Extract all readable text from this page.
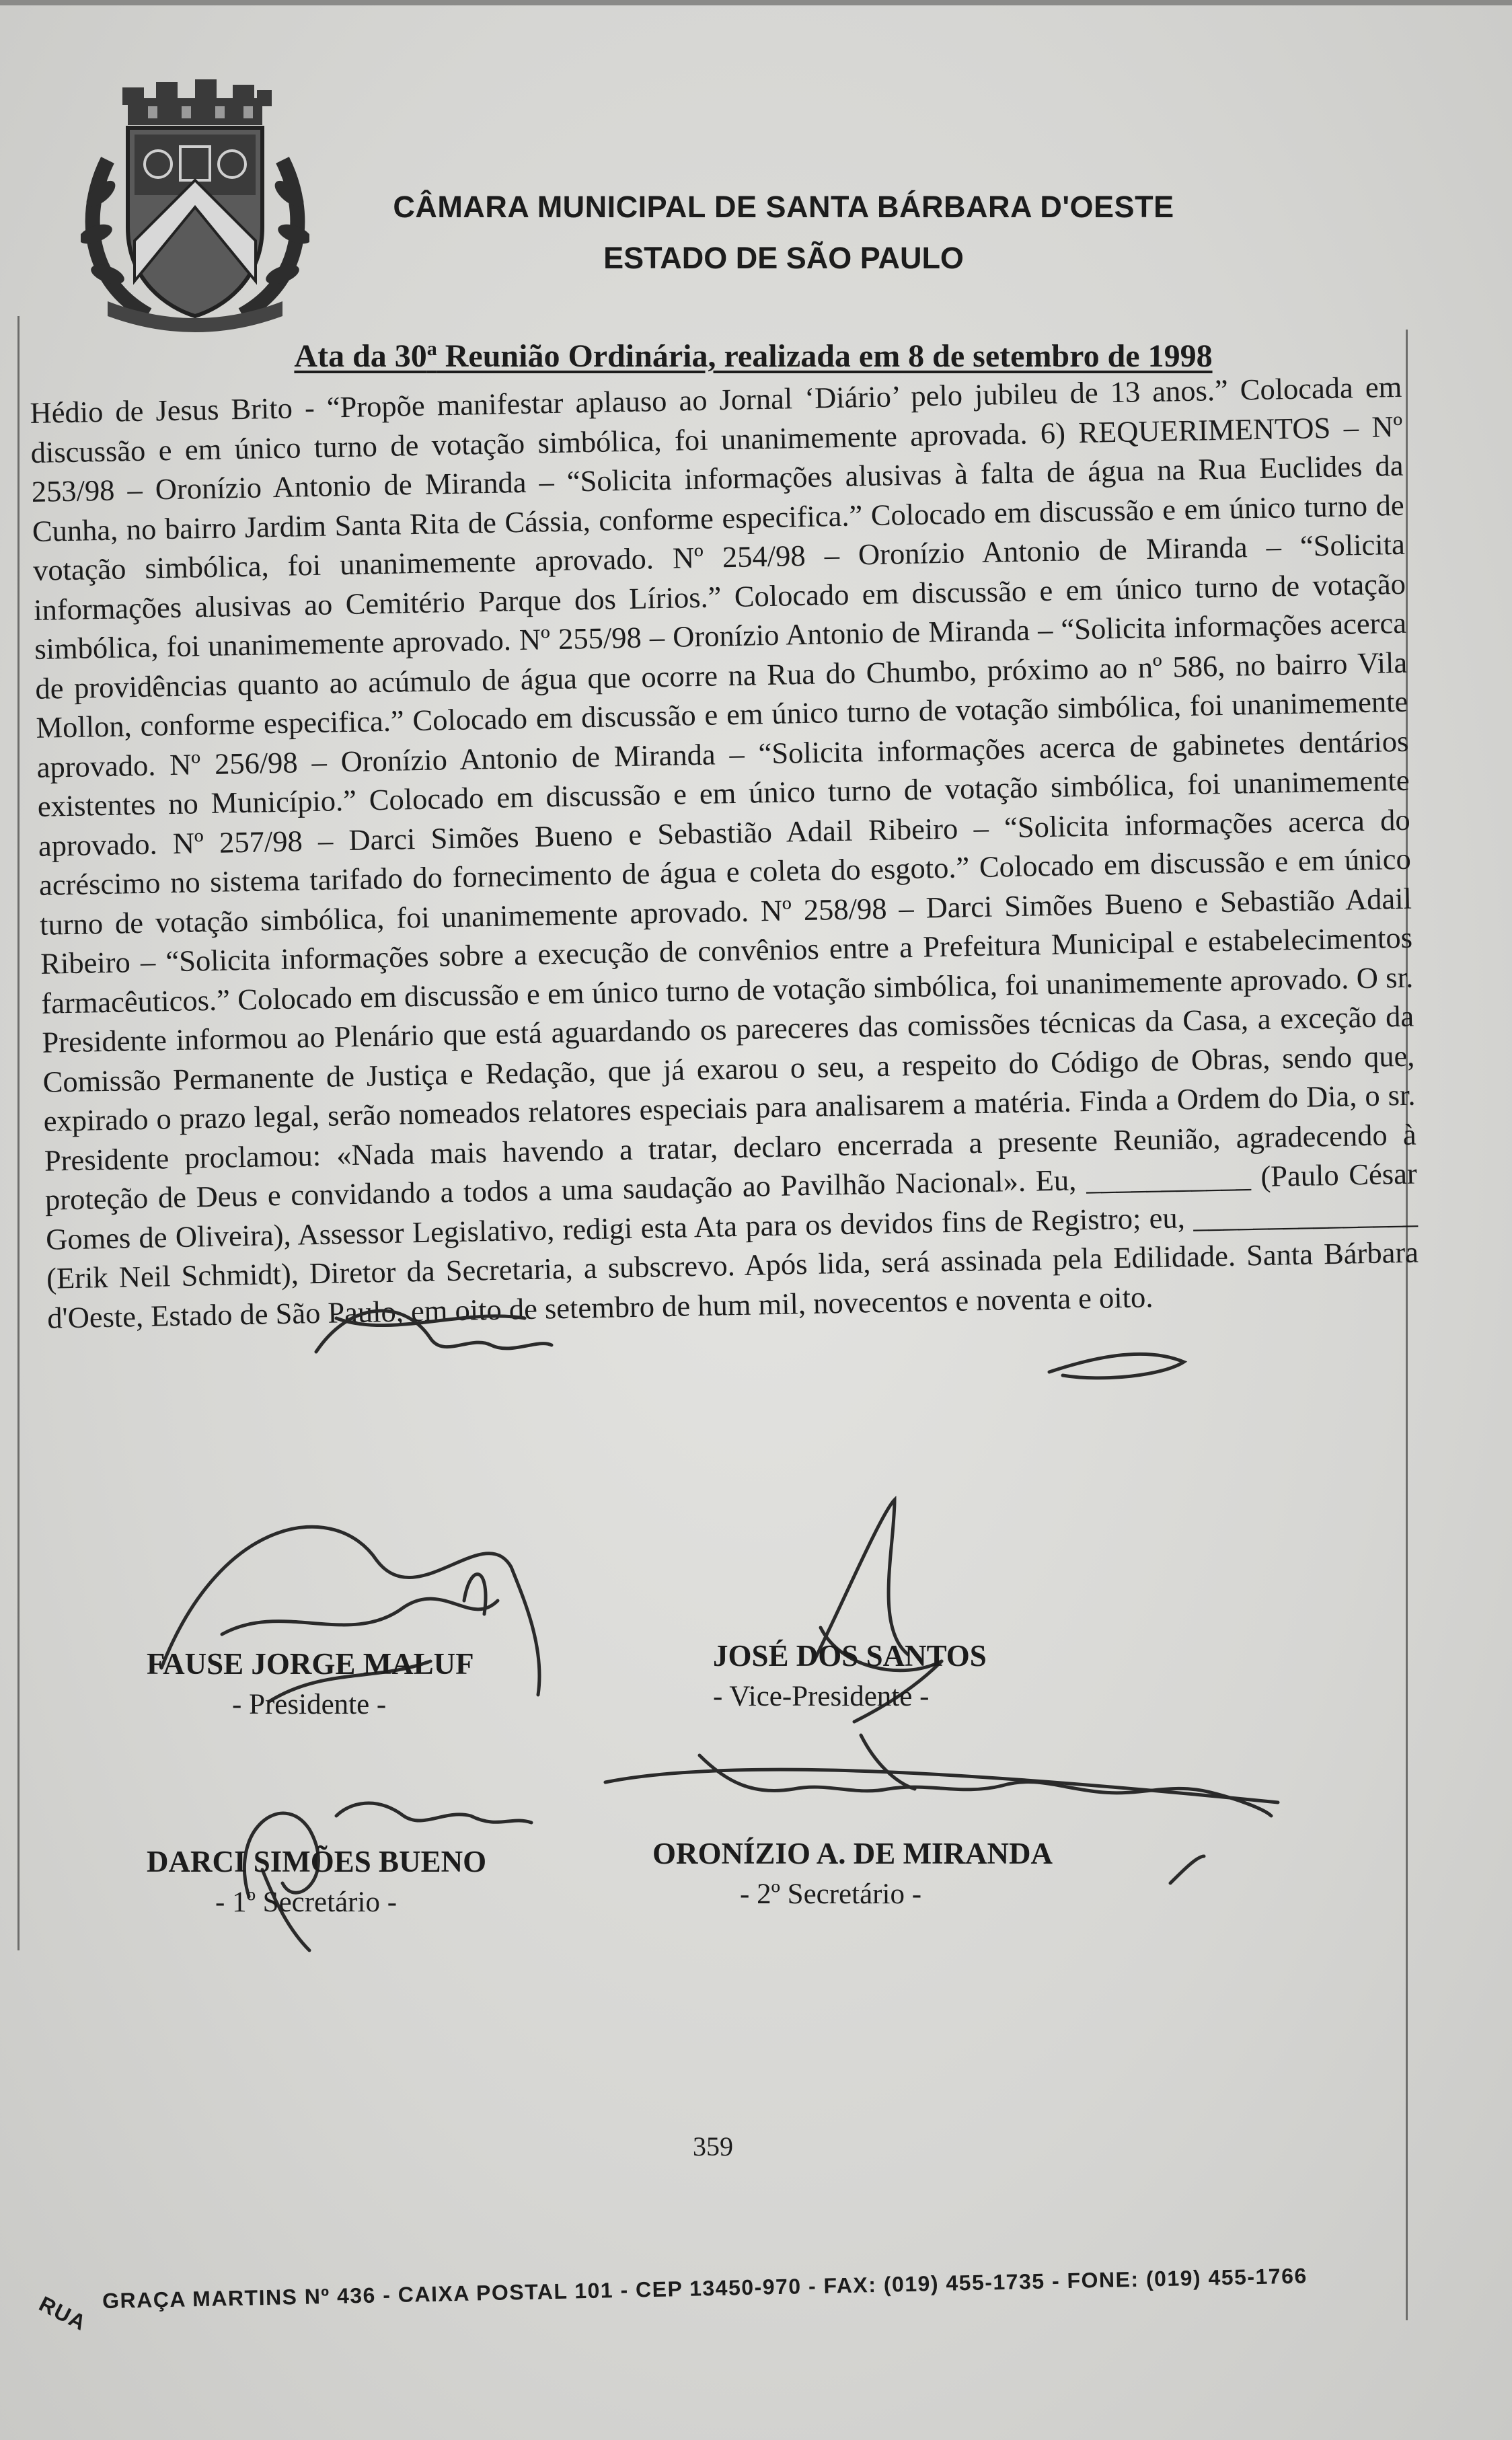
CÂMARA MUNICIPAL DE SANTA BÁRBARA D'OESTE
ESTADO DE SÃO PAULO
Ata da 30$^a$ Reunião Ordinária, realizada em 8 de setembro de 1998

Hédio de Jesus Brito - “Propõe manifestar aplauso ao Jornal ‘Diário’ pelo jubileu de 13 anos.” Colocada em discussão e em único turno de votação simbólica, foi unanimemente aprovada. 6) REQUERIMENTOS – Nº 253/98 – Oronízio Antonio de Miranda – “Solicita informações alusivas à falta de água na Rua Euclides da Cunha, no bairro Jardim Santa Rita de Cássia, conforme especifica.” Colocado em discussão e em único turno de votação simbólica, foi unanimemente aprovado. Nº 254/98 – Oronízio Antonio de Miranda – “Solicita informações alusivas ao Cemitério Parque dos Lírios.” Colocado em discussão e em único turno de votação simbólica, foi unanimemente aprovado. Nº 255/98 – Oronízio Antonio de Miranda – “Solicita informações acerca de providências quanto ao acúmulo de água que ocorre na Rua do Chumbo, próximo ao nº 586, no bairro Vila Mollon, conforme especifica.” Colocado em discussão e em único turno de votação simbólica, foi unanimemente aprovado. Nº 256/98 – Oronízio Antonio de Miranda – “Solicita informações acerca de gabinetes dentários existentes no Município.” Colocado em discussão e em único turno de votação simbólica, foi unanimemente aprovado. Nº 257/98 – Darci Simões Bueno e Sebastião Adail Ribeiro – “Solicita informações acerca do acréscimo no sistema tarifado do fornecimento de água e coleta do esgoto.” Colocado em discussão e em único turno de votação simbólica, foi unanimemente aprovado. Nº 258/98 – Darci Simões Bueno e Sebastião Adail Ribeiro – “Solicita informações sobre a execução de convênios entre a Prefeitura Municipal e estabelecimentos farmacêuticos.” Colocado em discussão e em único turno de votação simbólica, foi unanimemente aprovado. O sr. Presidente informou ao Plenário que está aguardando os pareceres das comissões técnicas da Casa, a exceção da Comissão Permanente de Justiça e Redação, que já exarou o seu, a respeito do Código de Obras, sendo que, expirado o prazo legal, serão nomeados relatores especiais para analisarem a matéria. Finda a Ordem do Dia, o sr. Presidente proclamou: «Nada mais havendo a tratar, declaro encerrada a presente Reunião, agradecendo à proteção de Deus e convidando a todos a uma saudação ao Pavilhão Nacional». Eu, ___________ (Paulo César Gomes de Oliveira), Assessor Legislativo, redigi esta Ata para os devidos fins de Registro; eu, _______________ (Erik Neil Schmidt), Diretor da Secretaria, a subscrevo. Após lida, será assinada pela Edilidade. Santa Bárbara d'Oeste, Estado de São Paulo, em oito de setembro de hum mil, novecentos e noventa e oito.

FAUSE JORGE MALUF
- Presidente -
JOSÉ DOS SANTOS
- Vice-Presidente -
DARCI SIMÕES BUENO
- 1º Secretário -
ORONÍZIO A. DE MIRANDA
- 2º Secretário -
359
RUAGRAÇA MARTINS Nº 436 - CAIXA POSTAL 101 - CEP 13450-970 - FAX: (019) 455-1735 - FONE: (019) 455-1766
